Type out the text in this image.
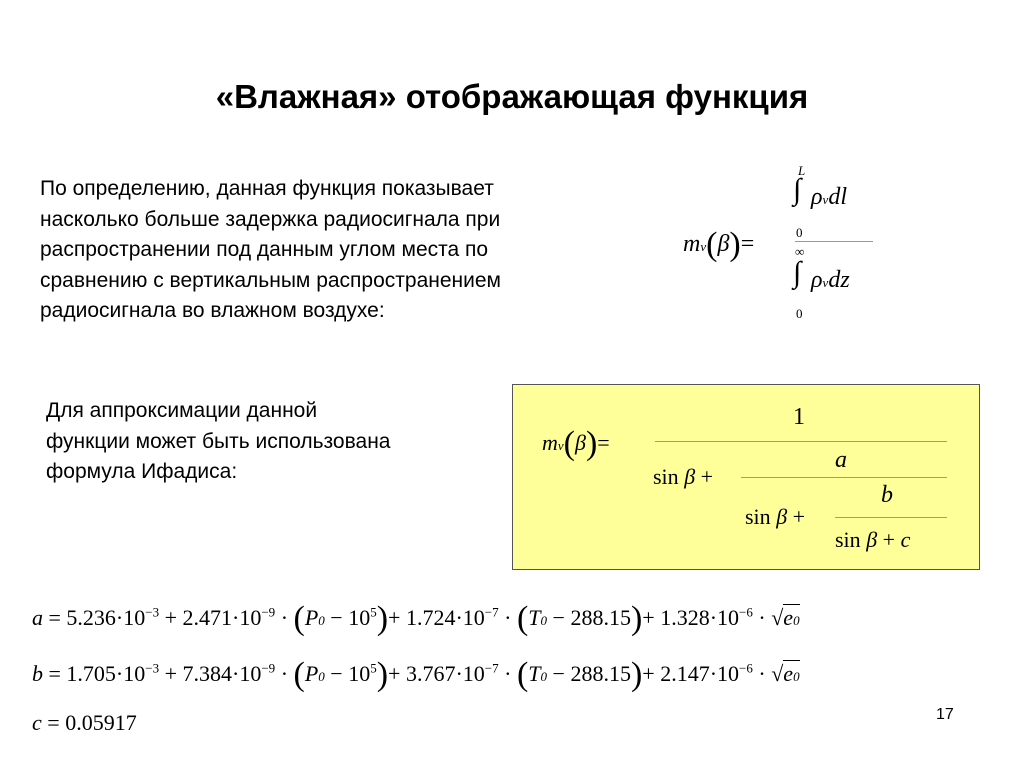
«Влажная» отображающая функция
По определению, данная функция показывает
насколько больше задержка радиосигнала при
распространении под данным углом места по
сравнению с вертикальным распространением
радиосигнала во влажном воздухе:
mv(β)=
L
∫ ρvdl
0
∞
∫ ρvdz
0
Для аппроксимации данной
функции может быть использована
формула Ифадиса:
mv(β)=
1
sin β +
a
sin β +
b
sin β + c
$a = 5.236\cdot 10^{-3} + 2.471\cdot 10^{-9} \cdot (P0 - 10^5)+ 1.724\cdot 10^{-7} \cdot (T0 - 288.15)+ 1.328\cdot 10^{-6} \cdot √e0$
$b = 1.705\cdot 10^{-3} + 7.384\cdot 10^{-9} \cdot (P0 - 10^5)+ 3.767\cdot 10^{-7} \cdot (T0 - 288.15)+ 2.147\cdot 10^{-6} \cdot √e0$
c = 0.05917	17
